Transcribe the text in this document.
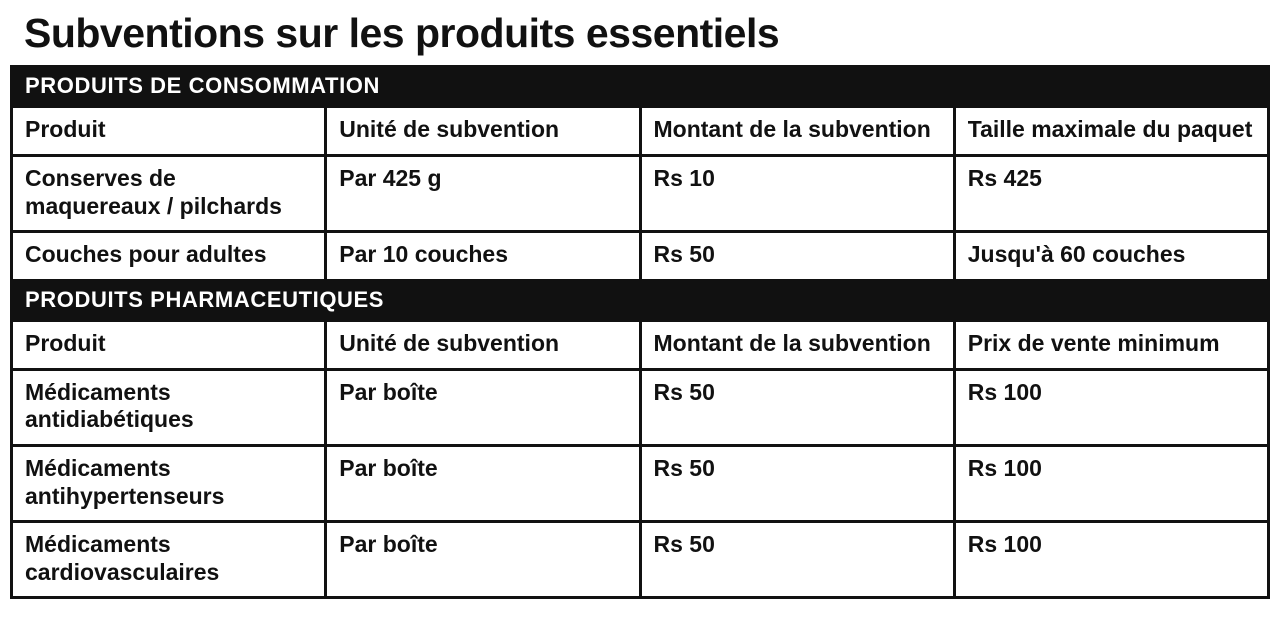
Subventions sur les produits essentiels
PRODUITS DE CONSOMMATION			
Produit	Unité de subvention	Montant de la subvention	Taille maximale du paquet
Conserves de maquereaux / pilchards	Par 425 g	Rs 10	Rs 425
Couches pour adultes	Par 10 couches	Rs 50	Jusqu'à 60 couches
PRODUITS PHARMACEUTIQUES			
Produit	Unité de subvention	Montant de la subvention	Prix de vente minimum
Médicaments antidiabétiques	Par boîte	Rs 50	Rs 100
Médicaments antihypertenseurs	Par boîte	Rs 50	Rs 100
Médicaments cardiovasculaires	Par boîte	Rs 50	Rs 100
